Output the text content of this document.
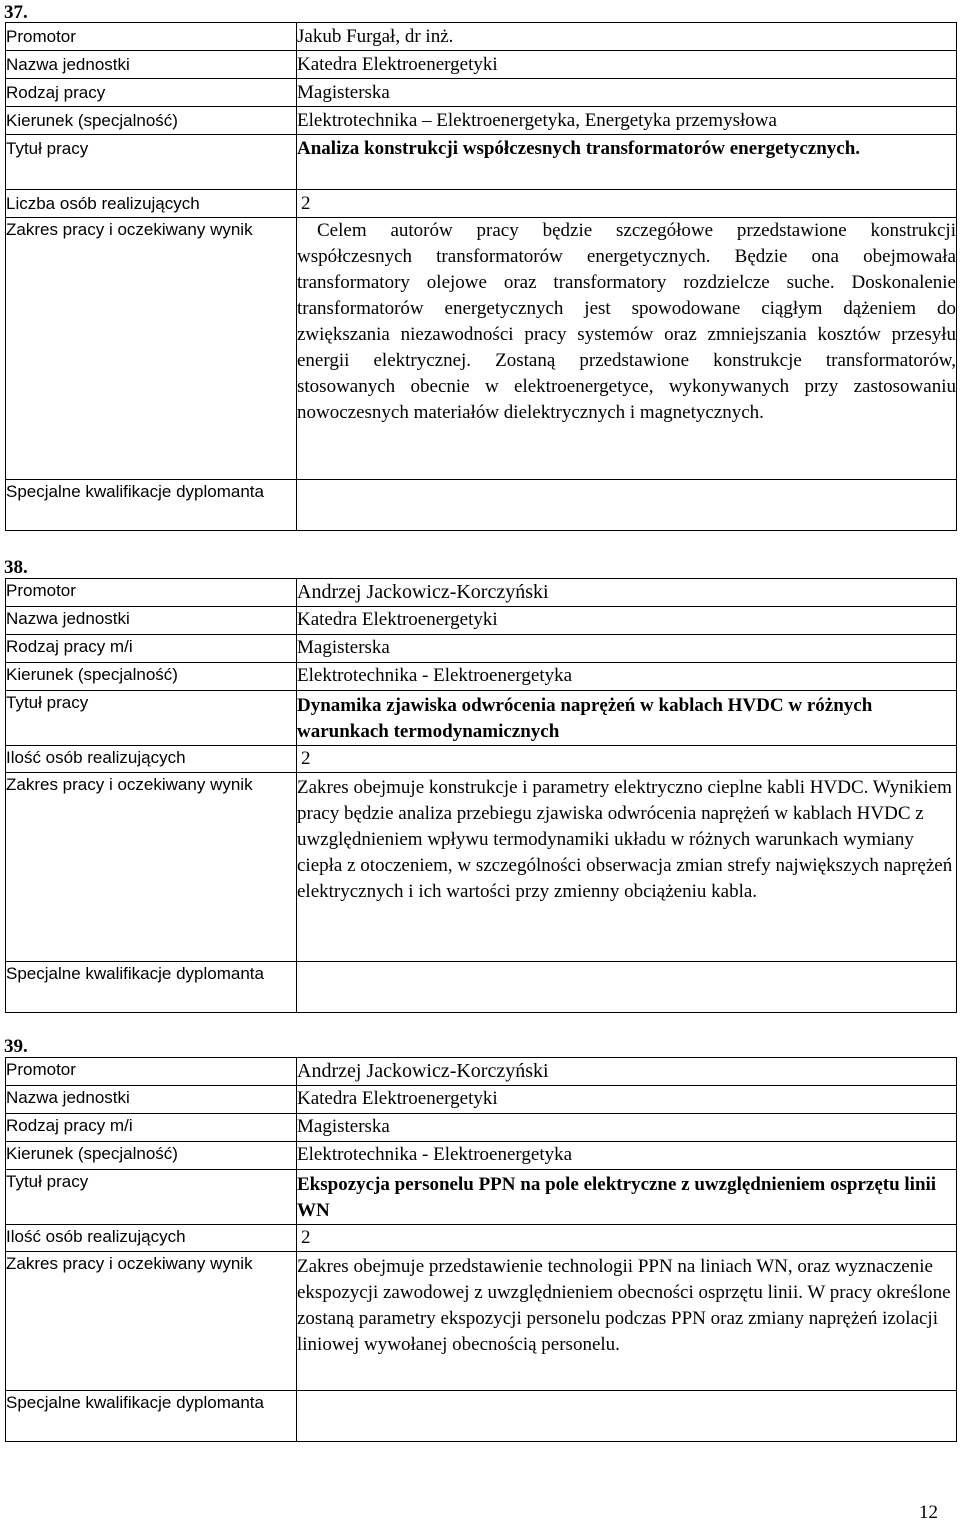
37.
Promotor	Jakub Furgał, dr inż.
Nazwa jednostki	Katedra Elektroenergetyki
Rodzaj pracy	Magisterska
Kierunek (specjalność)	Elektrotechnika – Elektroenergetyka, Energetyka przemysłowa
Tytuł pracy	Analiza konstrukcji współczesnych transformatorów energetycznych.
Liczba osób realizujących	2
Zakres pracy i oczekiwany wynik	Celem autorów pracy będzie szczegółowe przedstawione konstrukcji współczesnych transformatorów energetycznych. Będzie ona obejmowała transformatory olejowe oraz transformatory rozdzielcze suche. Doskonalenie transformatorów energetycznych jest spowodowane ciągłym dążeniem do zwiększania niezawodności pracy systemów oraz zmniejszania kosztów przesyłu energii elektrycznej. Zostaną przedstawione konstrukcje transformatorów, stosowanych obecnie w elektroenergetyce, wykonywanych przy zastosowaniu nowoczesnych materiałów dielektrycznych i magnetycznych.

Specjalne kwalifikacje dyplomanta	
38.
Promotor	Andrzej Jackowicz-Korczyński
Nazwa jednostki	Katedra Elektroenergetyki
Rodzaj pracy m/i	Magisterska
Kierunek (specjalność)	Elektrotechnika - Elektroenergetyka
Tytuł pracy	Dynamika zjawiska odwrócenia naprężeń w kablach HVDC w różnych warunkach termodynamicznych
Ilość osób realizujących	2
Zakres pracy i oczekiwany wynik	Zakres obejmuje konstrukcje i parametry elektryczno cieplne kabli HVDC. Wynikiem pracy będzie analiza przebiegu zjawiska odwrócenia naprężeń w kablach HVDC z uwzględnieniem wpływu termodynamiki układu w różnych warunkach wymiany ciepła z otoczeniem, w szczególności obserwacja zmian strefy największych naprężeń elektrycznych i ich wartości przy zmienny obciążeniu kabla.
Specjalne kwalifikacje dyplomanta	
39.
Promotor	Andrzej Jackowicz-Korczyński
Nazwa jednostki	Katedra Elektroenergetyki
Rodzaj pracy m/i	Magisterska
Kierunek (specjalność)	Elektrotechnika - Elektroenergetyka
Tytuł pracy	Ekspozycja personelu PPN na pole elektryczne z uwzględnieniem osprzętu linii WN
Ilość osób realizujących	2
Zakres pracy i oczekiwany wynik	Zakres obejmuje przedstawienie technologii PPN na liniach WN, oraz wyznaczenie ekspozycji zawodowej z uwzględnieniem obecności osprzętu linii. W pracy określone zostaną parametry ekspozycji personelu podczas PPN oraz zmiany naprężeń izolacji liniowej wywołanej obecnością personelu.
Specjalne kwalifikacje dyplomanta	
12
